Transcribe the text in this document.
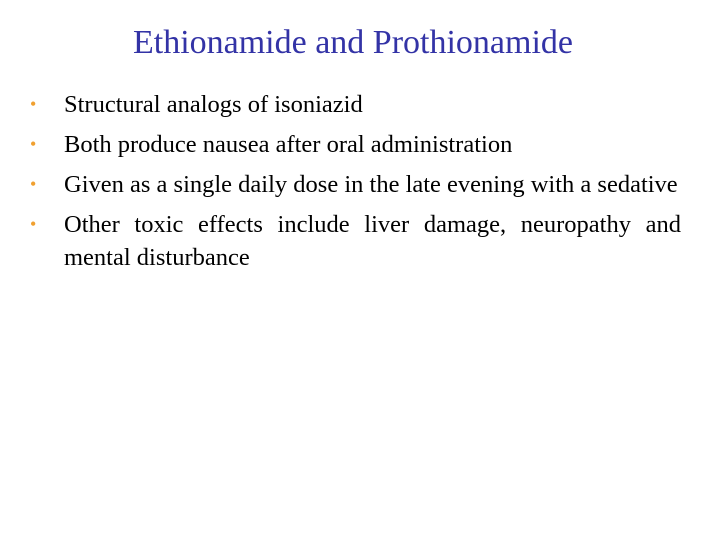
Ethionamide and Prothionamide
• Structural analogs of isoniazid
• Both produce nausea after oral administration
• Given as a single daily dose in the late evening with a sedative
• Other toxic effects include liver damage, neuropathy and mental disturbance
